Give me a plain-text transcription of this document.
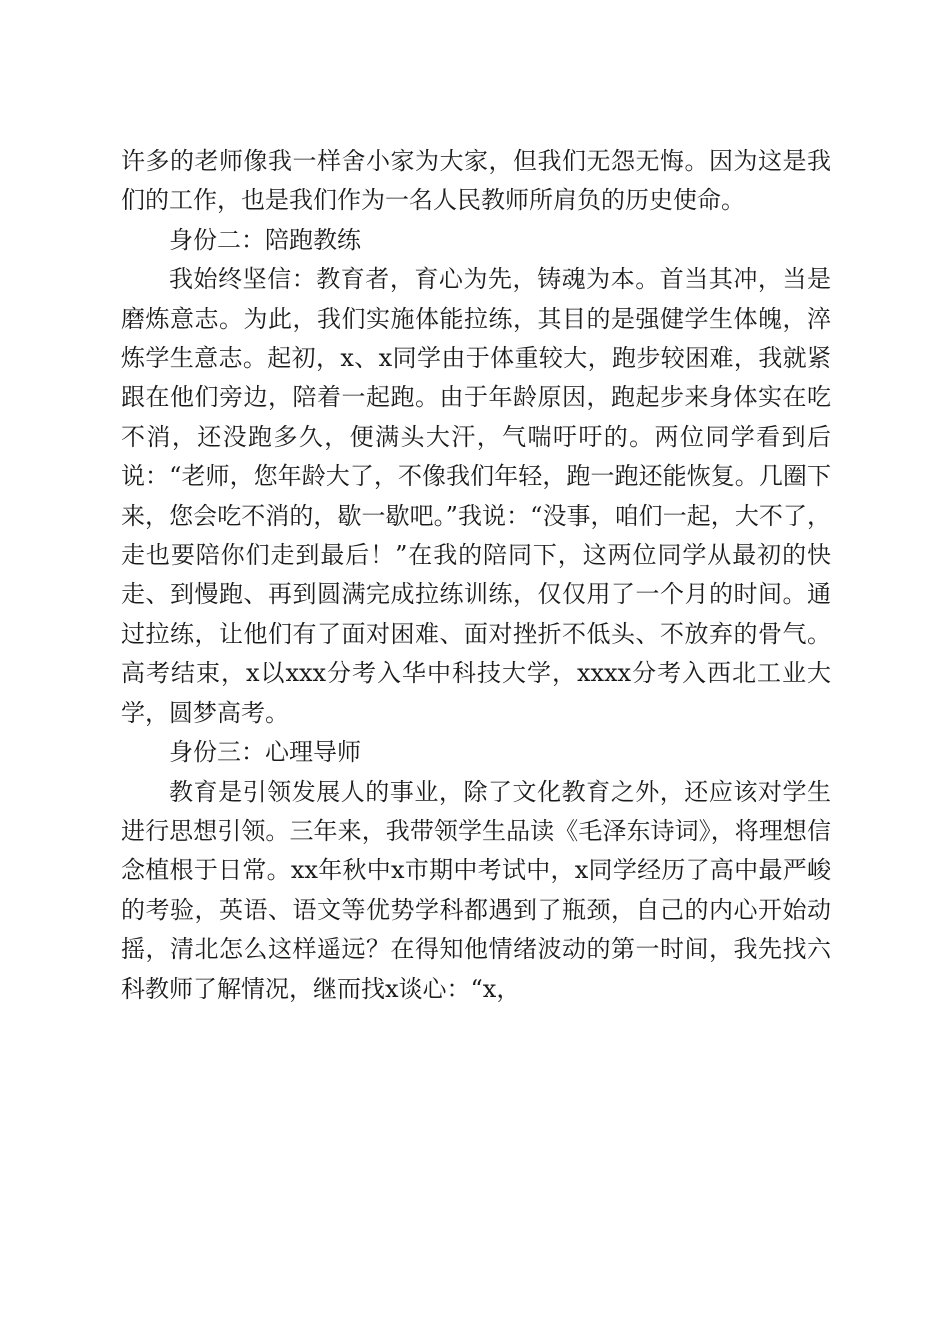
许多的老师像我一样舍小家为大家，但我们无怨无悔。因为这是我们的工作，也是我们作为一名人民教师所肩负的历史使命。

身份二：陪跑教练

我始终坚信：教育者，育心为先，铸魂为本。首当其冲，当是磨炼意志。为此，我们实施体能拉练，其目的是强健学生体魄，淬炼学生意志。起初，x、x同学由于体重较大，跑步较困难，我就紧跟在他们旁边，陪着一起跑。由于年龄原因，跑起步来身体实在吃不消，还没跑多久，便满头大汗，气喘吁吁的。两位同学看到后说：“老师，您年龄大了，不像我们年轻，跑一跑还能恢复。几圈下来，您会吃不消的，歇一歇吧。”我说：“没事，咱们一起，大不了，走也要陪你们走到最后！”在我的陪同下，这两位同学从最初的快走、到慢跑、再到圆满完成拉练训练，仅仅用了一个月的时间。通过拉练，让他们有了面对困难、面对挫折不低头、不放弃的骨气。高考结束，x以xxx分考入华中科技大学，xxxx分考入西北工业大学，圆梦高考。

身份三：心理导师

教育是引领发展人的事业，除了文化教育之外，还应该对学生进行思想引领。三年来，我带领学生品读《毛泽东诗词》，将理想信念植根于日常。xx年秋中x市期中考试中，x同学经历了高中最严峻的考验，英语、语文等优势学科都遇到了瓶颈，自己的内心开始动摇，清北怎么这样遥远？在得知他情绪波动的第一时间，我先找六科教师了解情况，继而找x谈心：“x，
